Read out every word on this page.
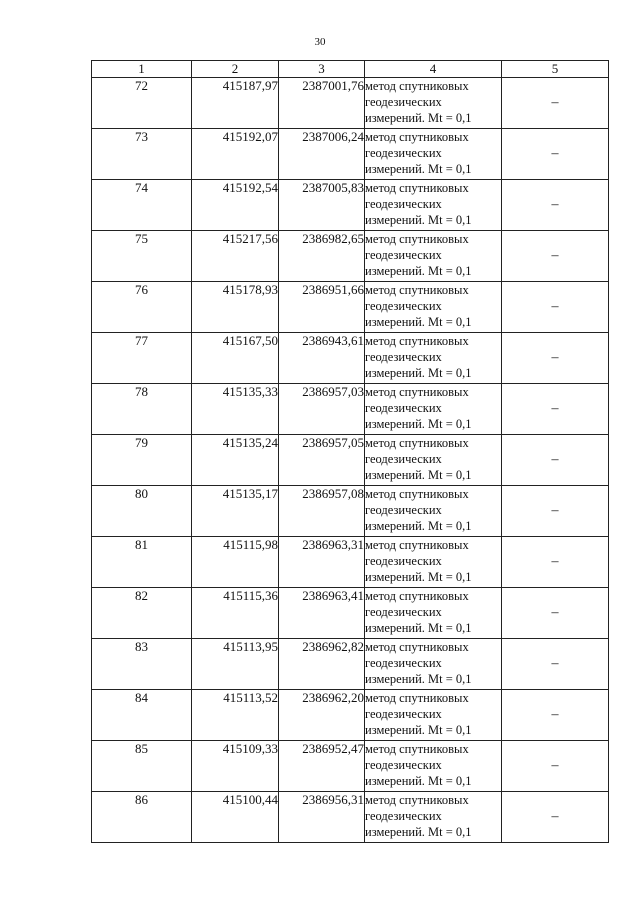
30
1	2	3	4	5
72	415187,97	2387001,76	метод спутниковых
геодезических
измерений. Mt = 0,1	–
73	415192,07	2387006,24	метод спутниковых
геодезических
измерений. Mt = 0,1	–
74	415192,54	2387005,83	метод спутниковых
геодезических
измерений. Mt = 0,1	–
75	415217,56	2386982,65	метод спутниковых
геодезических
измерений. Mt = 0,1	–
76	415178,93	2386951,66	метод спутниковых
геодезических
измерений. Mt = 0,1	–
77	415167,50	2386943,61	метод спутниковых
геодезических
измерений. Mt = 0,1	–
78	415135,33	2386957,03	метод спутниковых
геодезических
измерений. Mt = 0,1	–
79	415135,24	2386957,05	метод спутниковых
геодезических
измерений. Mt = 0,1	–
80	415135,17	2386957,08	метод спутниковых
геодезических
измерений. Mt = 0,1	–
81	415115,98	2386963,31	метод спутниковых
геодезических
измерений. Mt = 0,1	–
82	415115,36	2386963,41	метод спутниковых
геодезических
измерений. Mt = 0,1	–
83	415113,95	2386962,82	метод спутниковых
геодезических
измерений. Mt = 0,1	–
84	415113,52	2386962,20	метод спутниковых
геодезических
измерений. Mt = 0,1	–
85	415109,33	2386952,47	метод спутниковых
геодезических
измерений. Mt = 0,1	–
86	415100,44	2386956,31	метод спутниковых
геодезических
измерений. Mt = 0,1	–
